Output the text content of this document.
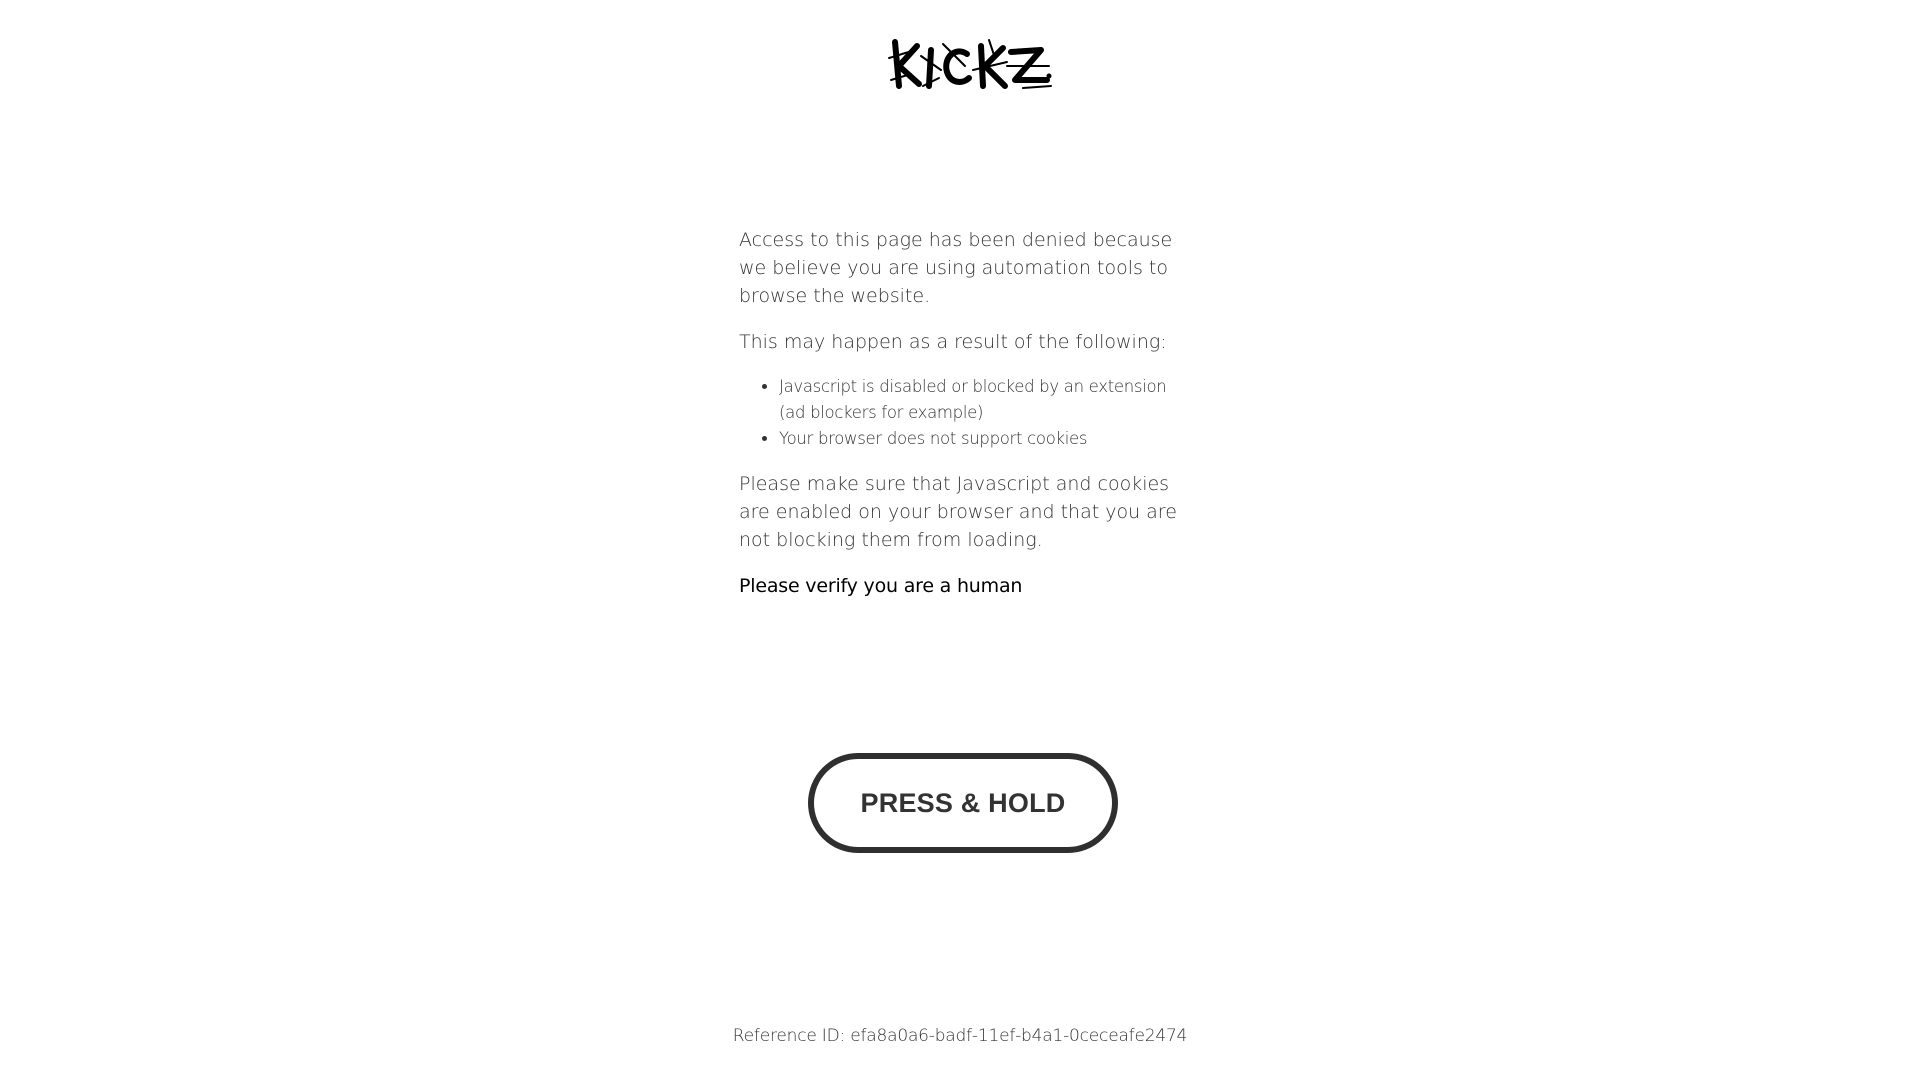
Access to this page has been denied because we believe you are using automation tools to browse the website.

This may happen as a result of the following:

• Javascript is disabled or blocked by an extension (ad blockers for example)
• Your browser does not support cookies

Please make sure that Javascript and cookies are enabled on your browser and that you are not blocking them from loading.

Please verify you are a human

PRESS & HOLD
Reference ID: efa8a0a6-badf-11ef-b4a1-0ceceafe2474
